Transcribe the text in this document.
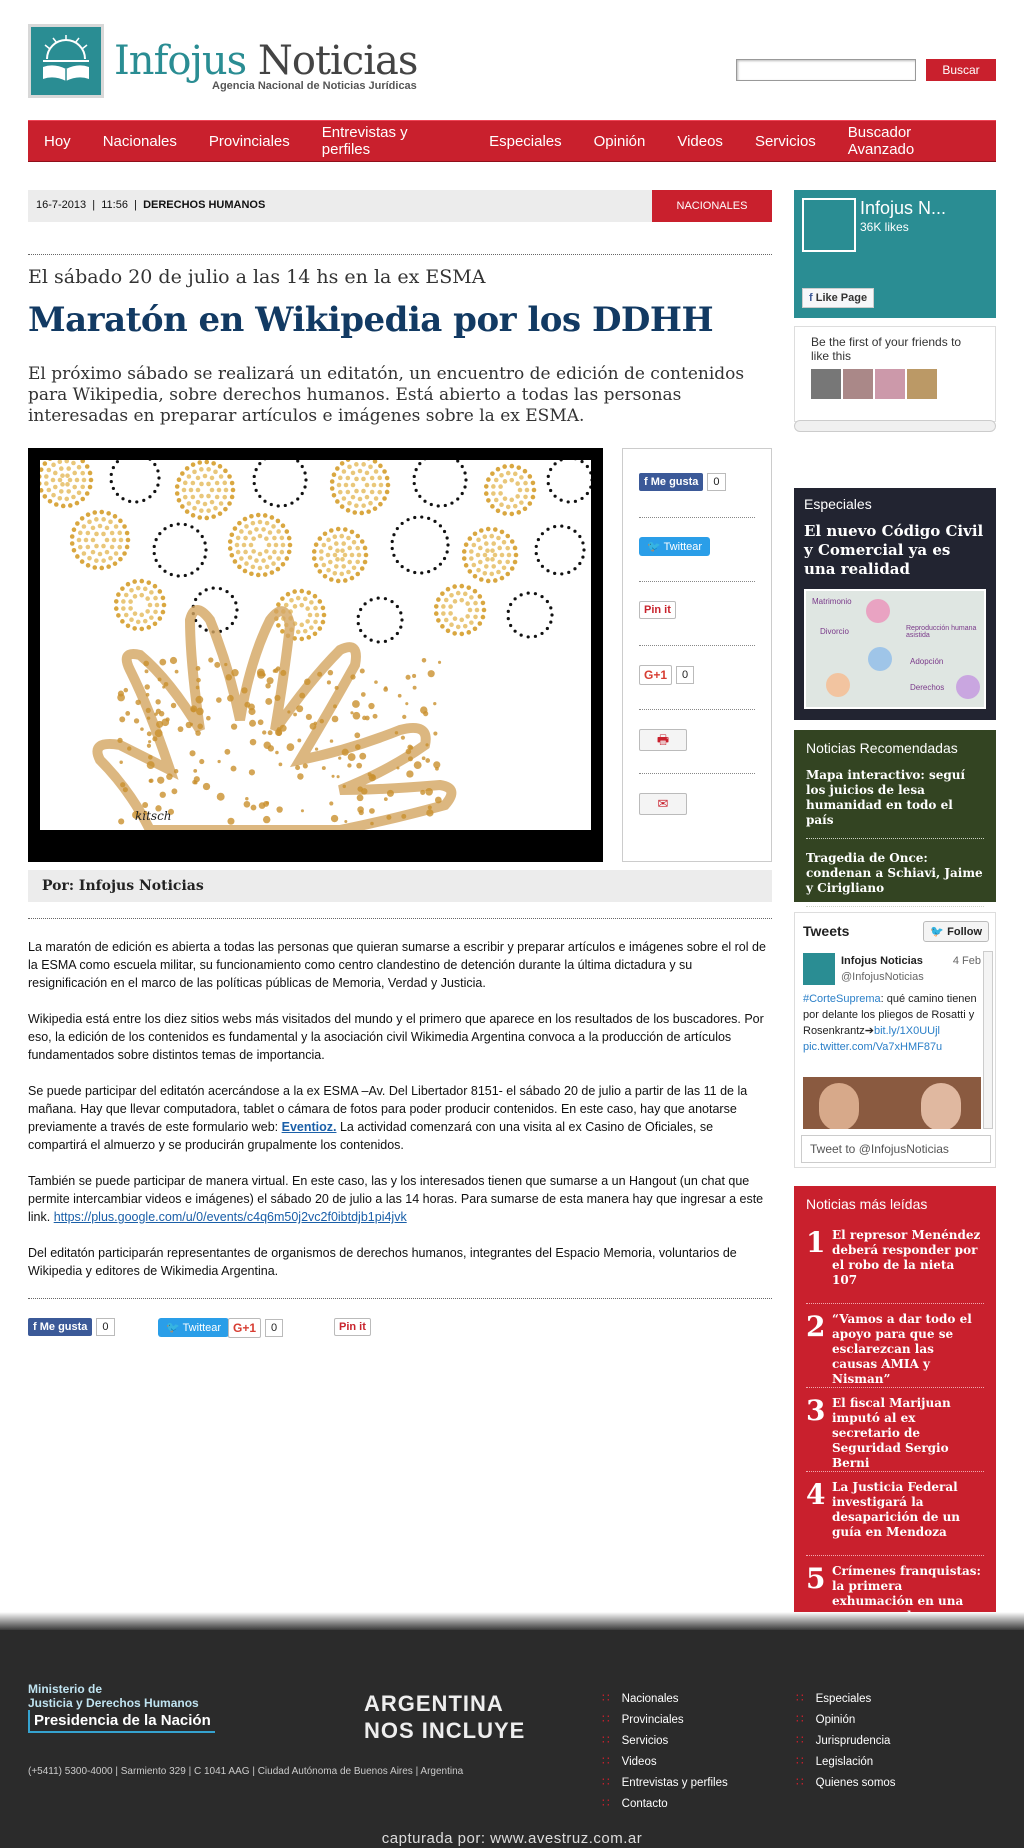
Infojus Noticias
Agencia Nacional de Noticias Jurídicas
Buscar
Hoy Nacionales Provinciales Entrevistas y perfiles	Especiales Opinión Videos Servicios Buscador Avanzado
16-7-2013  |  11:56  |  DERECHOS HUMANOS	NACIONALES
El sábado 20 de julio a las 14 hs en la ex ESMA
Maratón en Wikipedia por los DDHH

El próximo sábado se realizará un editatón, un encuentro de edición de contenidos para Wikipedia, sobre derechos humanos. Está abierto a todas las personas interesadas en preparar artículos e imágenes sobre la ex ESMA.

kitsch
f Me gusta 0
🐦 Twittear
Pin it
G+1 0
🖶
✉
Por: Infojus Noticias

La maratón de edición es abierta a todas las personas que quieran sumarse a escribir y preparar artículos e imágenes sobre el rol de la ESMA como escuela militar, su funcionamiento como centro clandestino de detención durante la última dictadura y su resignificación en el marco de las políticas públicas de Memoria, Verdad y Justicia.

Wikipedia está entre los diez sitios webs más visitados del mundo y el primero que aparece en los resultados de los buscadores. Por eso, la edición de los contenidos es fundamental y la asociación civil Wikimedia Argentina convoca a la producción de artículos fundamentados sobre distintos temas de importancia.

Se puede participar del editatón acercándose a la ex ESMA –Av. Del Libertador 8151- el sábado 20 de julio a partir de las 11 de la mañana. Hay que llevar computadora, tablet o cámara de fotos para poder producir contenidos. En este caso, hay que anotarse previamente a través de este formulario web: Eventioz. La actividad comenzará con una visita al ex Casino de Oficiales, se compartirá el almuerzo y se producirán grupalmente los contenidos.

También se puede participar de manera virtual. En este caso, las y los interesados tienen que sumarse a un Hangout (un chat que permite intercambiar videos e imágenes) el sábado 20 de julio a las 14 horas. Para sumarse de esta manera hay que ingresar a este link. https://plus.google.com/u/0/events/c4q6m50j2vc2f0ibtdjb1pi4jvk

Del editatón participarán representantes de organismos de derechos humanos, integrantes del Espacio Memoria, voluntarios de Wikipedia y editores de Wikimedia Argentina.

f Me gusta 0	🐦 Twittear G+1 0	Pin it
Infojus N...
36K likes
f Like Page
Be the first of your friends to like this
Especiales
El nuevo Código Civil y Comercial ya es una realidad
Matrimonio
Divorcio
Adopción
Derechos
Reproducción humana asistida
Noticias Recomendadas
Mapa interactivo: seguí los juicios de lesa humanidad en todo el país
Tragedia de Once: condenan a Schiavi, Jaime y Cirigliano
Tweets	🐦 Follow
Infojus Noticias	4 Feb
@InfojusNoticias
#CorteSuprema: qué camino tienen por delante los pliegos de Rosatti y Rosenkrantz➔bit.ly/1X0UUjl
pic.twitter.com/Va7xHMF87u
Tweet to @InfojusNoticias
Noticias más leídas
1 El represor Menéndez deberá responder por el robo de la nieta 107
2 “Vamos a dar todo el apoyo para que se esclarezcan las causas AMIA y Nisman”
3 El fiscal Marijuan imputó al ex secretario de Seguridad Sergio Berni
4 La Justicia Federal investigará la desaparición de un guía en Mendoza
5 Crímenes franquistas: la primera exhumación en una
Ministerio de
Justicia y Derechos Humanos
Presidencia de la Nación
(+5411) 5300-4000 | Sarmiento 329 | C 1041 AAG | Ciudad Autónoma de Buenos Aires | Argentina
ARGENTINA
NOS INCLUYE
∷ Nacionales
∷ Provinciales
∷ Servicios
∷ Videos
∷ Entrevistas y perfiles
∷ Contacto
∷ Especiales
∷ Opinión
∷ Jurisprudencia
∷ Legislación
∷ Quienes somos
capturada por: www.avestruz.com.ar
